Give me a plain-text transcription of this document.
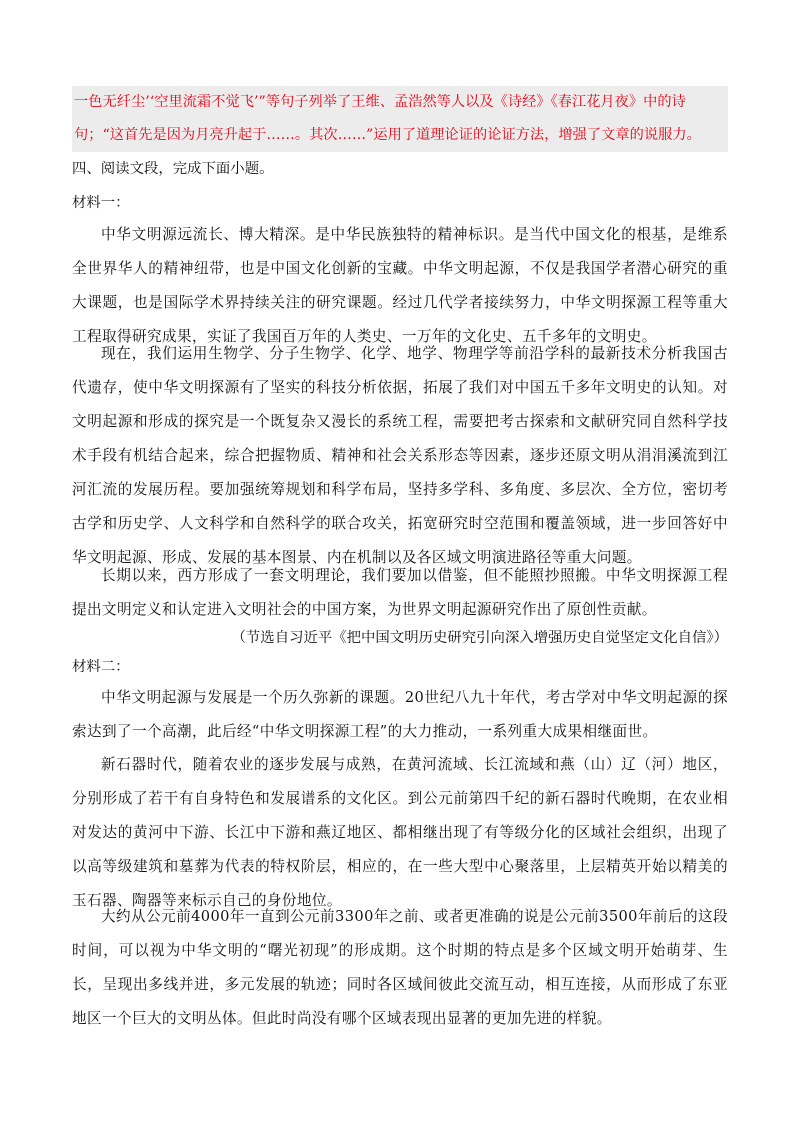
一色无纤尘’‘空里流霜不觉飞’”等句子列举了王维、孟浩然等人以及《诗经》《春江花月夜》中的诗
句；“这首先是因为月亮升起于……。其次……”运用了道理论证的论证方法，增强了文章的说服力。
四、阅读文段，完成下面小题。
材料一：
中华文明源远流长、博大精深。是中华民族独特的精神标识。是当代中国文化的根基，是维系全世界华人的精神纽带，也是中国文化创新的宝藏。中华文明起源，不仅是我国学者潜心研究的重大课题，也是国际学术界持续关注的研究课题。经过几代学者接续努力，中华文明探源工程等重大工程取得研究成果，实证了我国百万年的人类史、一万年的文化史、五千多年的文明史。
现在，我们运用生物学、分子生物学、化学、地学、物理学等前沿学科的最新技术分析我国古代遗存，使中华文明探源有了坚实的科技分析依据，拓展了我们对中国五千多年文明史的认知。对文明起源和形成的探究是一个既复杂又漫长的系统工程，需要把考古探索和文献研究同自然科学技术手段有机结合起来，综合把握物质、精神和社会关系形态等因素，逐步还原文明从涓涓溪流到江河汇流的发展历程。要加强统筹规划和科学布局，坚持多学科、多角度、多层次、全方位，密切考古学和历史学、人文科学和自然科学的联合攻关，拓宽研究时空范围和覆盖领域，进一步回答好中华文明起源、形成、发展的基本图景、内在机制以及各区域文明演进路径等重大问题。
长期以来，西方形成了一套文明理论，我们要加以借鉴，但不能照抄照搬。中华文明探源工程提出文明定义和认定进入文明社会的中国方案，为世界文明起源研究作出了原创性贡献。
（节选自习近平《把中国文明历史研究引向深入增强历史自觉坚定文化自信》）
材料二：
中华文明起源与发展是一个历久弥新的课题。20世纪八九十年代，考古学对中华文明起源的探索达到了一个高潮，此后经“中华文明探源工程”的大力推动，一系列重大成果相继面世。
新石器时代，随着农业的逐步发展与成熟，在黄河流域、长江流域和燕（山）辽（河）地区，分别形成了若干有自身特色和发展谱系的文化区。到公元前第四千纪的新石器时代晚期，在农业相对发达的黄河中下游、长江中下游和燕辽地区、都相继出现了有等级分化的区域社会组织，出现了以高等级建筑和墓葬为代表的特权阶层，相应的，在一些大型中心聚落里，上层精英开始以精美的玉石器、陶器等来标示自己的身份地位。
大约从公元前4000年一直到公元前3300年之前、或者更准确的说是公元前3500年前后的这段时间，可以视为中华文明的“曙光初现”的形成期。这个时期的特点是多个区域文明开始萌芽、生长，呈现出多线并进，多元发展的轨迹；同时各区域间彼此交流互动，相互连接，从而形成了东亚地区一个巨大的文明丛体。但此时尚没有哪个区域表现出显著的更加先进的样貌。
